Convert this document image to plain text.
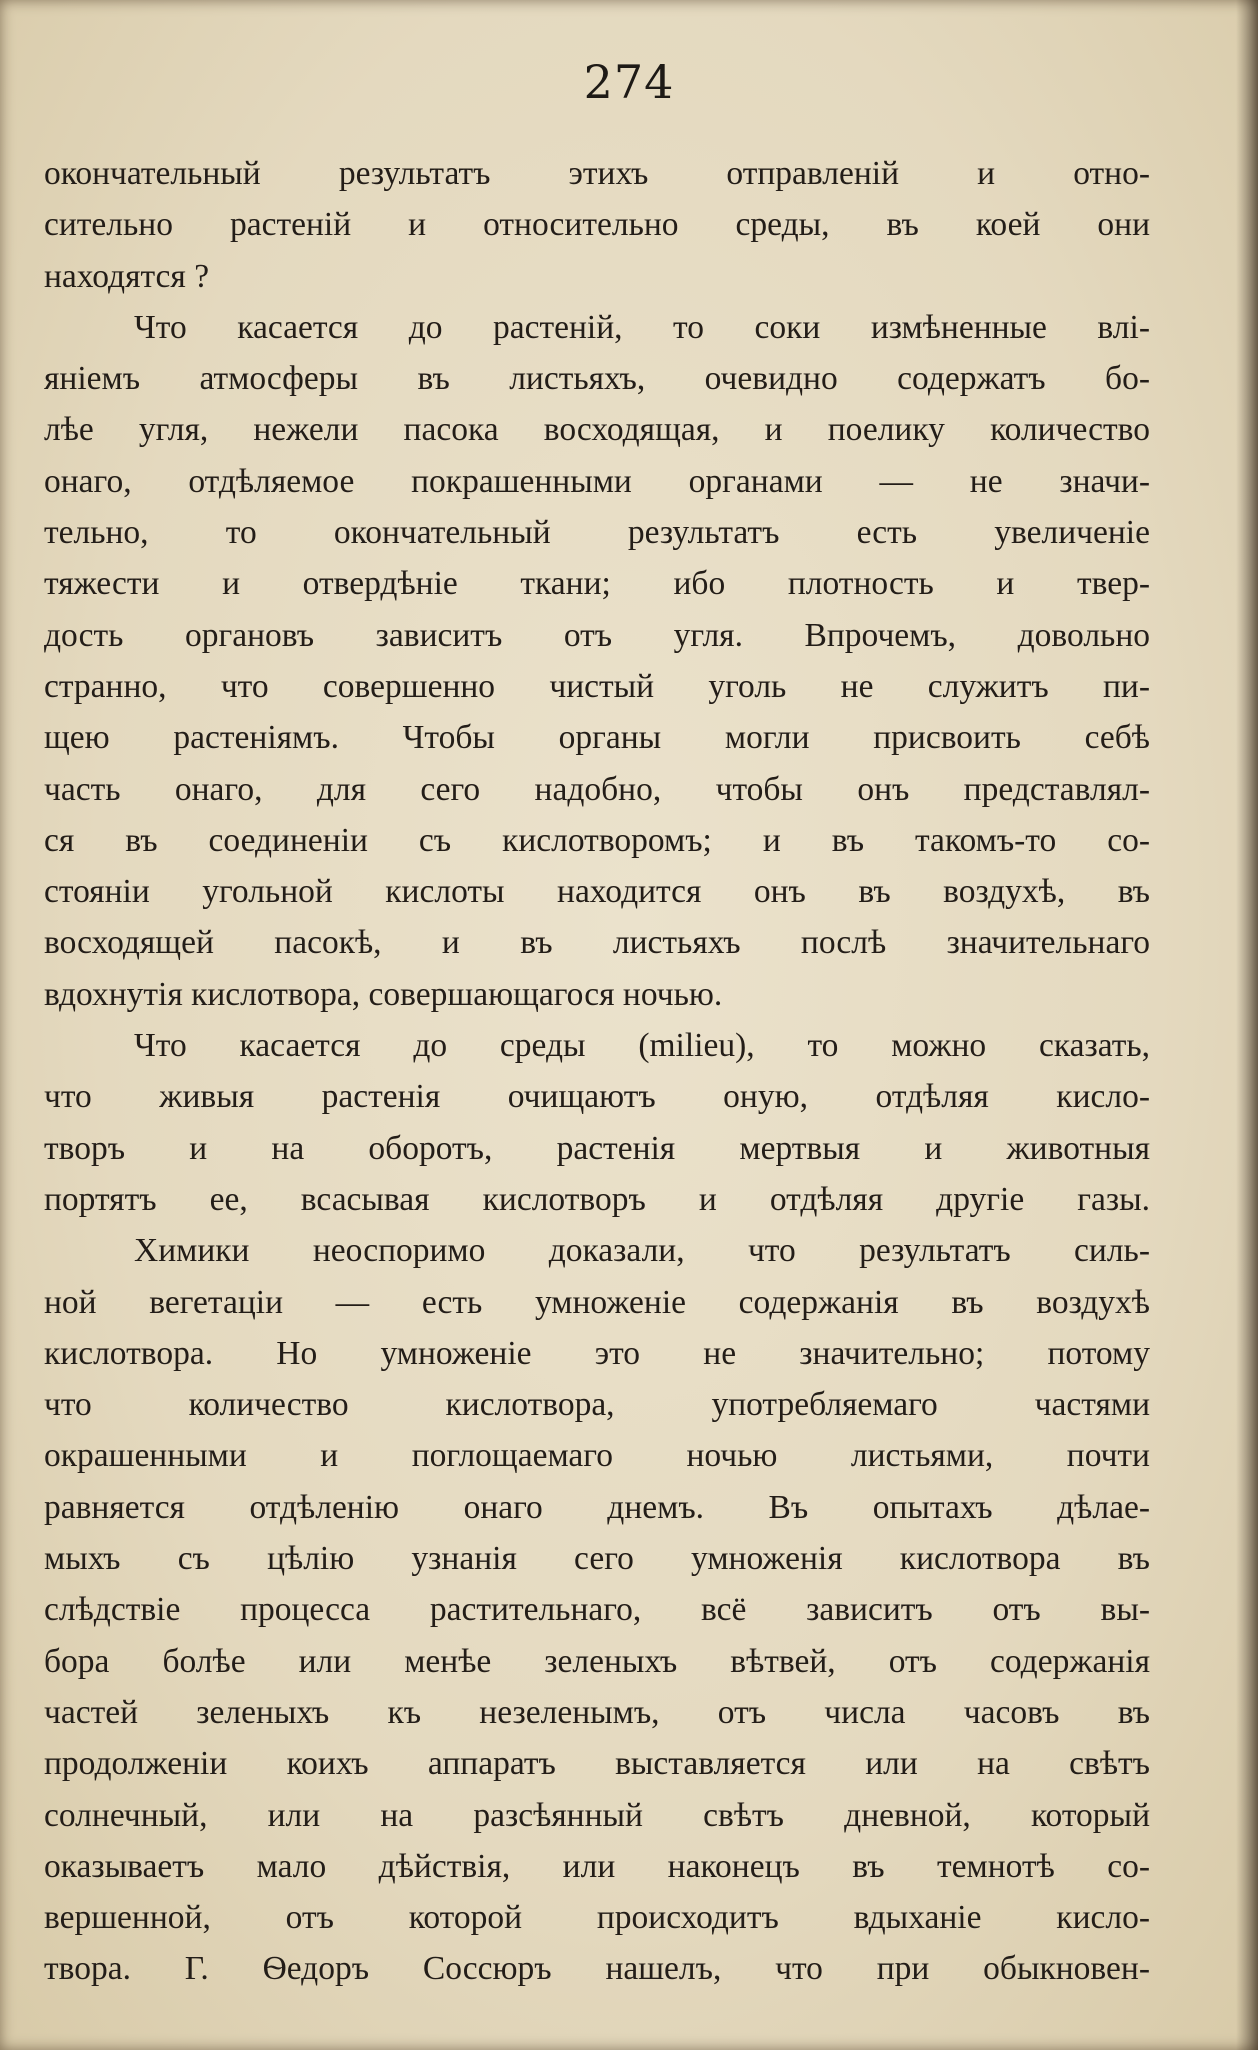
274
окончательный результатъ этихъ отправленій и отно-
сительно растеній и относительно среды, въ коей они
находятся ?
Что касается до растеній, то соки измѣненные влі-
яніемъ атмосферы въ листьяхъ, очевидно содержатъ бо-
лѣе угля, нежели пасока восходящая, и поелику количество
онаго, отдѣляемое покрашенными органами — не значи-
тельно, то окончательный результатъ есть увеличеніе
тяжести и отвердѣніе ткани; ибо плотность и твер-
дость органовъ зависитъ отъ угля. Впрочемъ, довольно
странно, что совершенно чистый уголь не служитъ пи-
щею растеніямъ. Чтобы органы могли присвоить себѣ
часть онаго, для сего надобно, чтобы онъ представлял-
ся въ соединеніи съ кислотворомъ; и въ такомъ-то со-
стояніи угольной кислоты находится онъ въ воздухѣ, въ
восходящей пасокѣ, и въ листьяхъ послѣ значительнаго
вдохнутія кислотвора, совершающагося ночью.
Что касается до среды (milieu), то можно сказать,
что живыя растенія очищаютъ оную, отдѣляя кисло-
творъ и на оборотъ, растенія мертвыя и животныя
портятъ ее, всасывая кислотворъ и отдѣляя другіе газы.
Химики неоспоримо доказали, что результатъ силь-
ной вегетаціи — есть умноженіе содержанія въ воздухѣ
кислотвора. Но умноженіе это не значительно; потому
что количество кислотвора, употребляемаго частями
окрашенными и поглощаемаго ночью листьями, почти
равняется отдѣленію онаго днемъ. Въ опытахъ дѣлае-
мыхъ съ цѣлію узнанія сего умноженія кислотвора въ
слѣдствіе процесса растительнаго, всё зависитъ отъ вы-
бора болѣе или менѣе зеленыхъ вѣтвей, отъ содержанія
частей зеленыхъ къ незеленымъ, отъ числа часовъ въ
продолженіи коихъ аппаратъ выставляется или на свѣтъ
солнечный, или на разсѣянный свѣтъ дневной, который
оказываетъ мало дѣйствія, или наконецъ въ темнотѣ со-
вершенной, отъ которой происходитъ вдыханіе кисло-
твора. Г. Ѳедоръ Соссюръ нашелъ, что при обыкновен-
